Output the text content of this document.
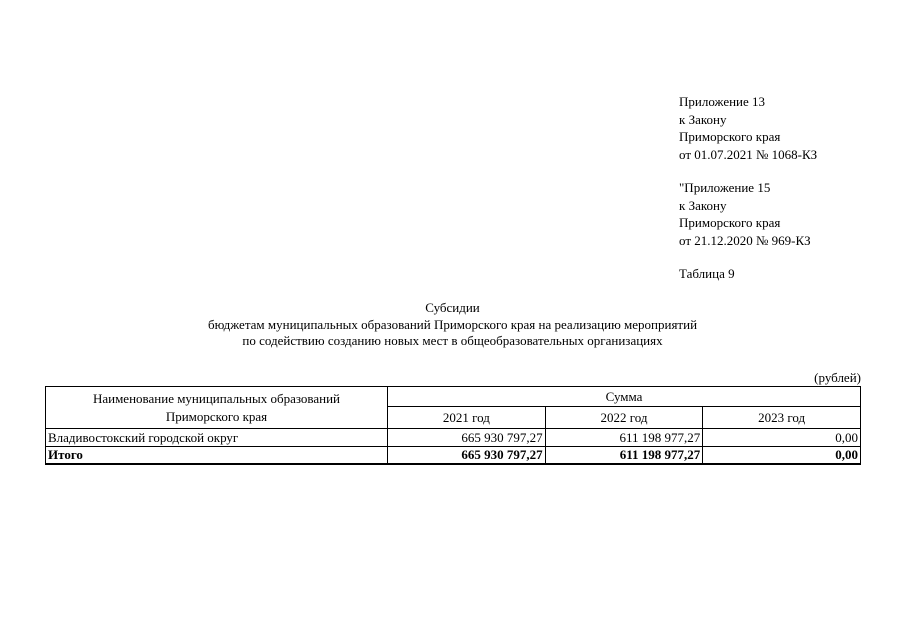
Приложение 13
к Закону
Приморского края
от 01.07.2021 № 1068-КЗ
"Приложение 15
к Закону
Приморского края
от 21.12.2020 № 969-КЗ
Таблица 9
Субсидии
бюджетам муниципальных образований Приморского края на реализацию мероприятий
по содействию созданию новых мест в общеобразовательных организациях
(рублей)
Наименование муниципальных образований
Приморского края	Сумма		
	2021 год	2022 год	2023 год
Владивостокский городской округ	665 930 797,27	611 198 977,27	0,00
Итого	665 930 797,27	611 198 977,27	0,00
